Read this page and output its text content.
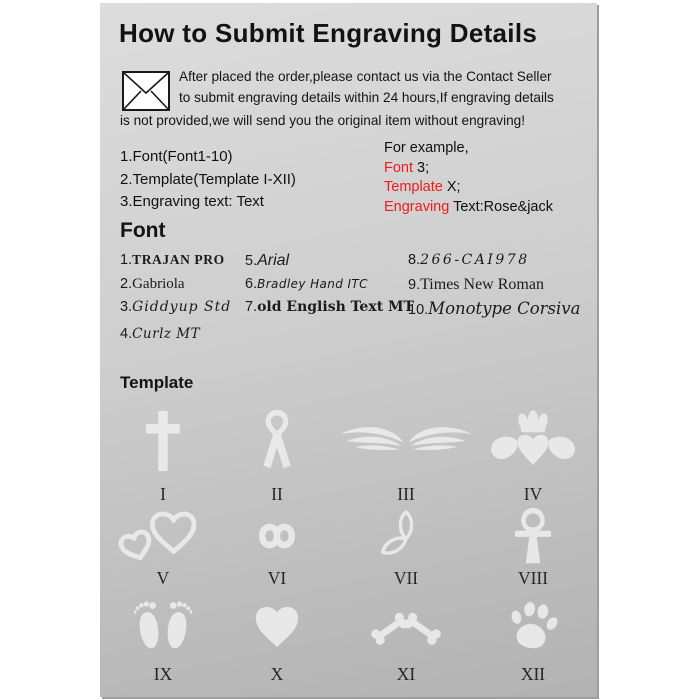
How to Submit Engraving Details
After placed the order,please contact us via the Contact Seller
to submit engraving details within 24 hours,If engraving details
is not provided,we will send you the original item without engraving!
1.Font(Font1-10)
2.Template(Template I-XII)
3.Engraving text: Text
For example,
Font 3;
Template X;
Engraving Text:Rose&jack
Font
1. TRAJAN PRO
2. Gabriola
3. Giddyup Std
4. Curlz MT
5. Arial
6. Bradley Hand ITC
7. old English Text MT
8. 266-CAI978
9. Times New Roman
10. Monotype Corsiva
Template
I	II	III	IV
V	VI	VII	VIII
IX	X	XI	XII
